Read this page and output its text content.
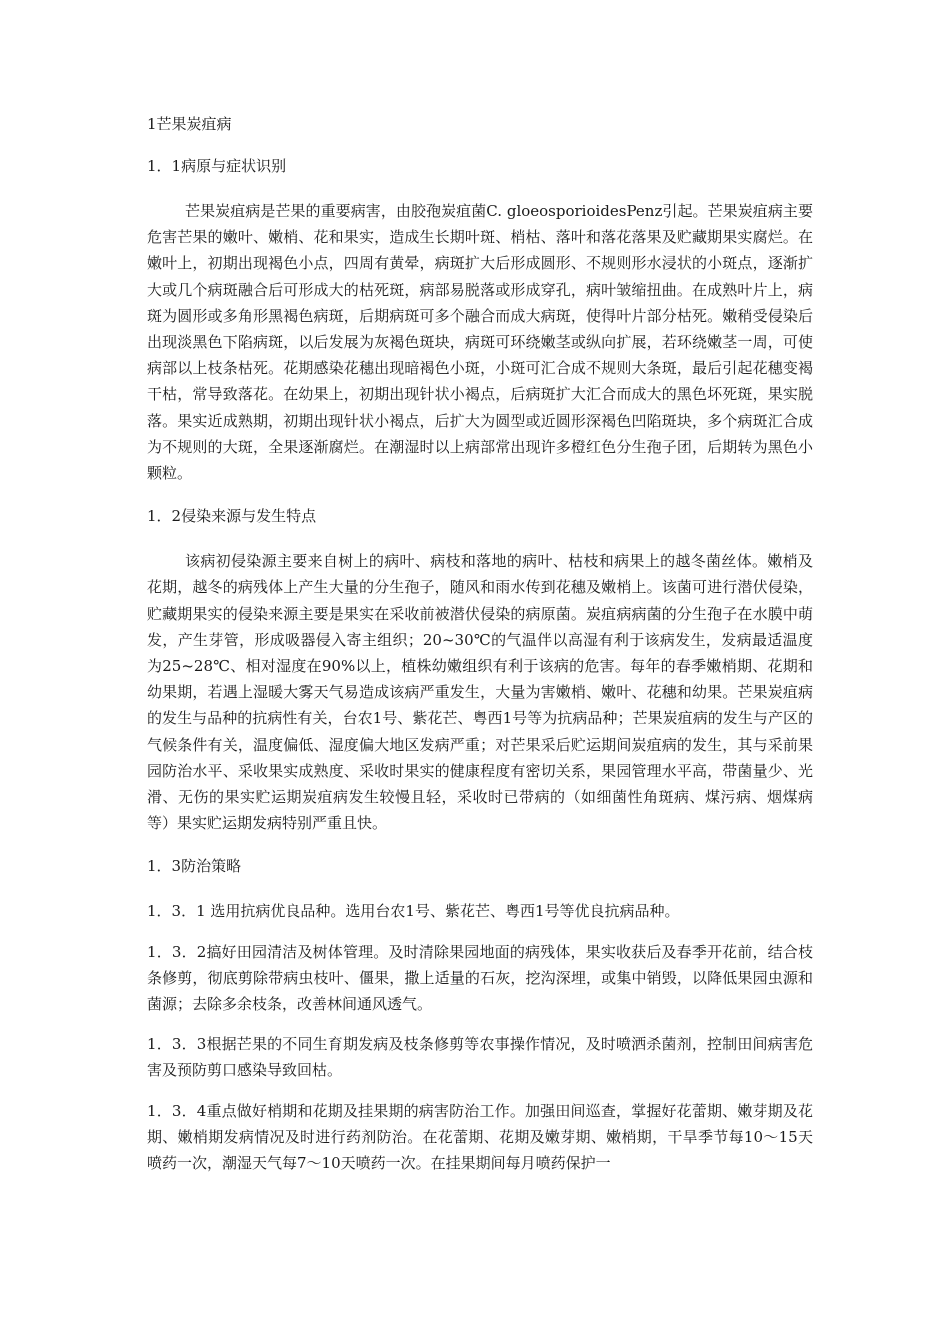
1芒果炭疽病

1．1病原与症状识别

芒果炭疽病是芒果的重要病害，由胶孢炭疽菌C. gloeosporioidesPenz引起。芒果炭疽病主要危害芒果的嫩叶、嫩梢、花和果实，造成生长期叶斑、梢枯、落叶和落花落果及贮藏期果实腐烂。在嫩叶上，初期出现褐色小点，四周有黄晕，病斑扩大后形成圆形、不规则形水浸状的小斑点，逐渐扩大或几个病斑融合后可形成大的枯死斑，病部易脱落或形成穿孔，病叶皱缩扭曲。在成熟叶片上，病斑为圆形或多角形黑褐色病斑，后期病斑可多个融合而成大病斑，使得叶片部分枯死。嫩稍受侵染后出现淡黑色下陷病斑，以后发展为灰褐色斑块，病斑可环绕嫩茎或纵向扩展，若环绕嫩茎一周，可使病部以上枝条枯死。花期感染花穗出现暗褐色小斑，小斑可汇合成不规则大条斑，最后引起花穗变褐干枯，常导致落花。在幼果上，初期出现针状小褐点，后病斑扩大汇合而成大的黑色坏死斑，果实脱落。果实近成熟期，初期出现针状小褐点，后扩大为圆型或近圆形深褐色凹陷斑块，多个病斑汇合成为不规则的大斑，全果逐渐腐烂。在潮湿时以上病部常出现许多橙红色分生孢子团，后期转为黑色小颗粒。

1．2侵染来源与发生特点

该病初侵染源主要来自树上的病叶、病枝和落地的病叶、枯枝和病果上的越冬菌丝体。嫩梢及花期，越冬的病残体上产生大量的分生孢子，随风和雨水传到花穗及嫩梢上。该菌可进行潜伏侵染，贮藏期果实的侵染来源主要是果实在采收前被潜伏侵染的病原菌。炭疽病病菌的分生孢子在水膜中萌发，产生芽管，形成吸器侵入寄主组织；20~30℃的气温伴以高湿有利于该病发生，发病最适温度为25~28℃、相对湿度在90%以上，植株幼嫩组织有利于该病的危害。每年的春季嫩梢期、花期和幼果期，若遇上湿暖大雾天气易造成该病严重发生，大量为害嫩梢、嫩叶、花穗和幼果。芒果炭疽病的发生与品种的抗病性有关，台农1号、紫花芒、粤西1号等为抗病品种；芒果炭疽病的发生与产区的气候条件有关，温度偏低、湿度偏大地区发病严重；对芒果采后贮运期间炭疽病的发生，其与采前果园防治水平、采收果实成熟度、采收时果实的健康程度有密切关系，果园管理水平高，带菌量少、光滑、无伤的果实贮运期炭疽病发生较慢且轻，采收时已带病的（如细菌性角斑病、煤污病、烟煤病等）果实贮运期发病特别严重且快。

1．3防治策略

1．3．1 选用抗病优良品种。选用台农1号、紫花芒、粤西1号等优良抗病品种。

1．3．2搞好田园清洁及树体管理。及时清除果园地面的病残体，果实收获后及春季开花前，结合枝条修剪，彻底剪除带病虫枝叶、僵果，撒上适量的石灰，挖沟深埋，或集中销毁，以降低果园虫源和菌源；去除多余枝条，改善林间通风透气。

1．3．3根据芒果的不同生育期发病及枝条修剪等农事操作情况，及时喷洒杀菌剂，控制田间病害危害及预防剪口感染导致回枯。

1．3．4重点做好梢期和花期及挂果期的病害防治工作。加强田间巡查，掌握好花蕾期、嫩芽期及花期、嫩梢期发病情况及时进行药剂防治。在花蕾期、花期及嫩芽期、嫩梢期，干旱季节每10～15天喷药一次，潮湿天气每7～10天喷药一次。在挂果期间每月喷药保护一
